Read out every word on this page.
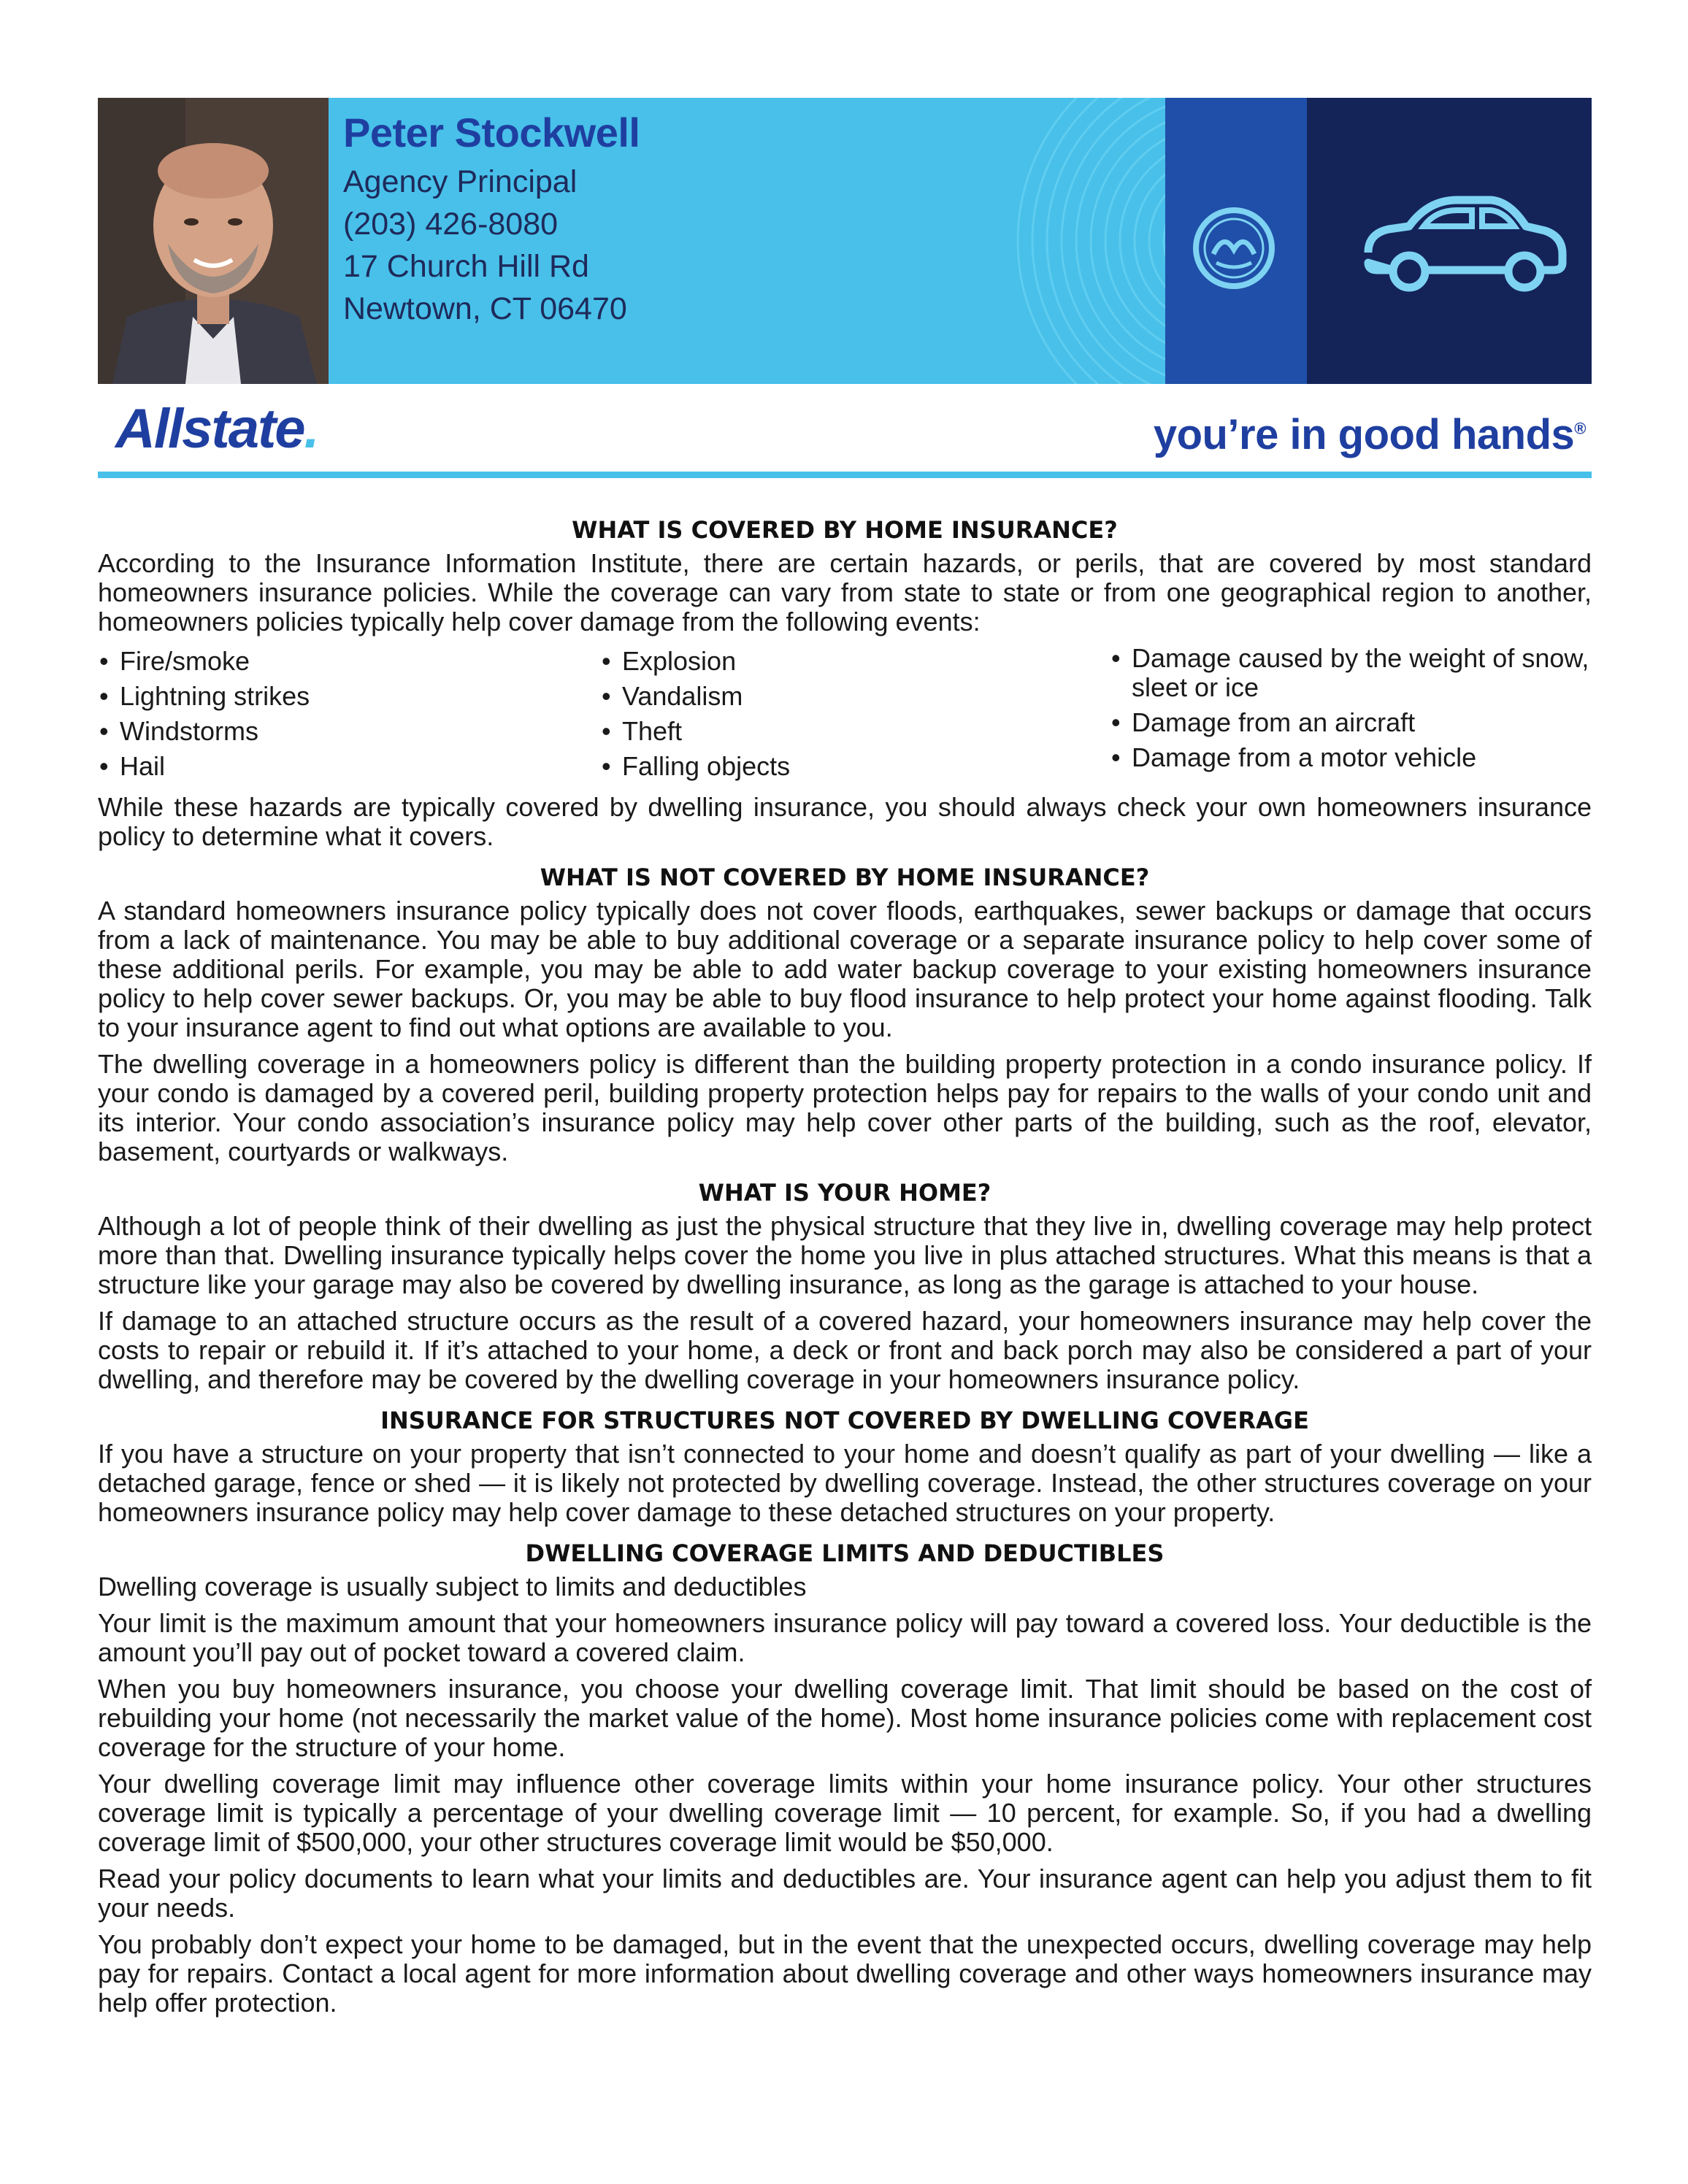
Peter Stockwell
Agency Principal
(203) 426-8080
17 Church Hill Rd
Newtown, CT 06470
Allstate.	you’re in good hands®
WHAT IS COVERED BY HOME INSURANCE?

According to the Insurance Information Institute, there are certain hazards, or perils, that are covered by most standard homeowners insurance policies. While the coverage can vary from state to state or from one geographical region to another, homeowners policies typically help cover damage from the following events:

• Fire/smoke
• Lightning strikes
• Windstorms
• Hail
• Explosion
• Vandalism
• Theft
• Falling objects
• Damage caused by the weight of snow, sleet or ice
• Damage from an aircraft
• Damage from a motor vehicle

While these hazards are typically covered by dwelling insurance, you should always check your own homeowners insurance policy to determine what it covers.

WHAT IS NOT COVERED BY HOME INSURANCE?

A standard homeowners insurance policy typically does not cover floods, earthquakes, sewer backups or damage that occurs from a lack of maintenance. You may be able to buy additional coverage or a separate insurance policy to help cover some of these additional perils. For example, you may be able to add water backup coverage to your existing homeowners insurance policy to help cover sewer backups. Or, you may be able to buy flood insurance to help protect your home against flooding. Talk to your insurance agent to find out what options are available to you.

The dwelling coverage in a homeowners policy is different than the building property protection in a condo insurance policy. If your condo is damaged by a covered peril, building property protection helps pay for repairs to the walls of your condo unit and its interior. Your condo association’s insurance policy may help cover other parts of the building, such as the roof, elevator, basement, courtyards or walkways.

WHAT IS YOUR HOME?

Although a lot of people think of their dwelling as just the physical structure that they live in, dwelling coverage may help protect more than that. Dwelling insurance typically helps cover the home you live in plus attached structures. What this means is that a structure like your garage may also be covered by dwelling insurance, as long as the garage is attached to your house.

If damage to an attached structure occurs as the result of a covered hazard, your homeowners insurance may help cover the costs to repair or rebuild it. If it’s attached to your home, a deck or front and back porch may also be considered a part of your dwelling, and therefore may be covered by the dwelling coverage in your homeowners insurance policy.

INSURANCE FOR STRUCTURES NOT COVERED BY DWELLING COVERAGE

If you have a structure on your property that isn’t connected to your home and doesn’t qualify as part of your dwelling — like a detached garage, fence or shed — it is likely not protected by dwelling coverage. Instead, the other structures coverage on your homeowners insurance policy may help cover damage to these detached structures on your property.

DWELLING COVERAGE LIMITS AND DEDUCTIBLES

Dwelling coverage is usually subject to limits and deductibles

Your limit is the maximum amount that your homeowners insurance policy will pay toward a covered loss. Your deductible is the amount you’ll pay out of pocket toward a covered claim.

When you buy homeowners insurance, you choose your dwelling coverage limit. That limit should be based on the cost of rebuilding your home (not necessarily the market value of the home). Most home insurance policies come with replacement cost coverage for the structure of your home.

Your dwelling coverage limit may influence other coverage limits within your home insurance policy. Your other structures coverage limit is typically a percentage of your dwelling coverage limit — 10 percent, for example. So, if you had a dwelling coverage limit of $500,000, your other structures coverage limit would be $50,000.

Read your policy documents to learn what your limits and deductibles are. Your insurance agent can help you adjust them to fit your needs.

You probably don’t expect your home to be damaged, but in the event that the unexpected occurs, dwelling coverage may help pay for repairs. Contact a local agent for more information about dwelling coverage and other ways homeowners insurance may help offer protection.
